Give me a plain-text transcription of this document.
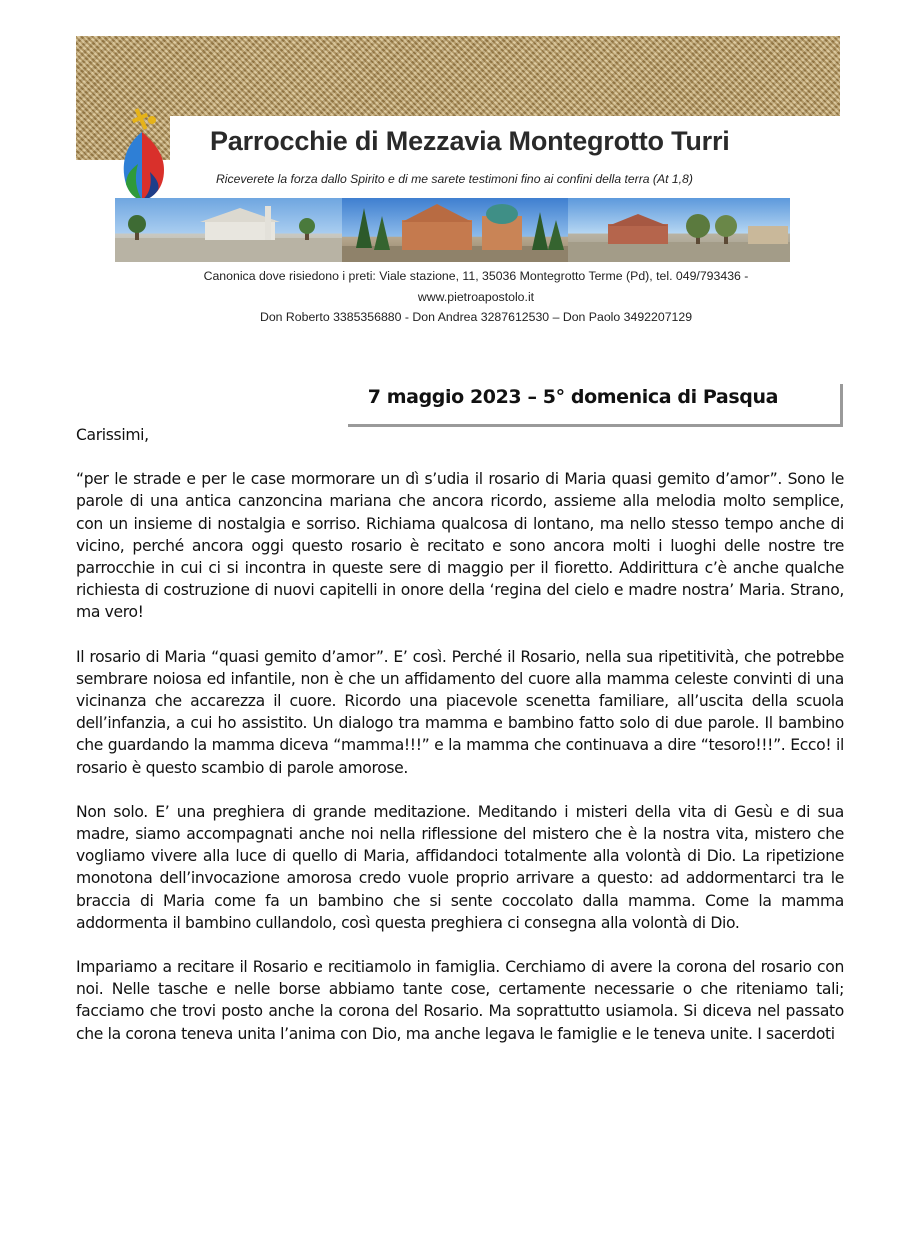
Parrocchie di Mezzavia Montegrotto Turri

Riceverete la forza dallo Spirito e di me sarete testimoni fino ai confini della terra (At 1,8)

Canonica dove risiedono i preti: Viale stazione, 11, 35036 Montegrotto Terme (Pd), tel. 049/793436 -
www.pietroapostolo.it
Don Roberto 3385356880 - Don Andrea 3287612530 – Don Paolo 3492207129

7 maggio 2023 – 5° domenica di Pasqua

Carissimi,

“per le strade e per le case mormorare un dì s’udia il rosario di Maria quasi gemito d’amor”. Sono le parole di una antica canzoncina mariana che ancora ricordo, assieme alla melodia molto semplice, con un insieme di nostalgia e sorriso. Richiama qualcosa di lontano, ma nello stesso tempo anche di vicino, perché ancora oggi questo rosario è recitato e sono ancora molti i luoghi delle nostre tre parrocchie in cui ci si incontra in queste sere di maggio per il fioretto. Addirittura c’è anche qualche richiesta di costruzione di nuovi capitelli in onore della ‘regina del cielo e madre nostra’ Maria. Strano, ma vero!

Il rosario di Maria “quasi gemito d’amor”. E’ così. Perché il Rosario, nella sua ripetitività, che potrebbe sembrare noiosa ed infantile, non è che un affidamento del cuore alla mamma celeste convinti di una vicinanza che accarezza il cuore. Ricordo una piacevole scenetta familiare, all’uscita della scuola dell’infanzia, a cui ho assistito. Un dialogo tra mamma e bambino fatto solo di due parole. Il bambino che guardando la mamma diceva “mamma!!!” e la mamma che continuava a dire “tesoro!!!”. Ecco! il rosario è questo scambio di parole amorose.

Non solo. E’ una preghiera di grande meditazione. Meditando i misteri della vita di Gesù e di sua madre, siamo accompagnati anche noi nella riflessione del mistero che è la nostra vita, mistero che vogliamo vivere alla luce di quello di Maria, affidandoci totalmente alla volontà di Dio. La ripetizione monotona dell’invocazione amorosa credo vuole proprio arrivare a questo: ad addormentarci tra le braccia di Maria come fa un bambino che si sente coccolato dalla mamma. Come la mamma addormenta il bambino cullandolo, così questa preghiera ci consegna alla volontà di Dio.

Impariamo a recitare il Rosario e recitiamolo in famiglia. Cerchiamo di avere la corona del rosario con noi. Nelle tasche e nelle borse abbiamo tante cose, certamente necessarie o che riteniamo tali; facciamo che trovi posto anche la corona del Rosario. Ma soprattutto usiamola. Si diceva nel passato che la corona teneva unita l’anima con Dio, ma anche legava le famiglie e le teneva unite. I sacerdoti
